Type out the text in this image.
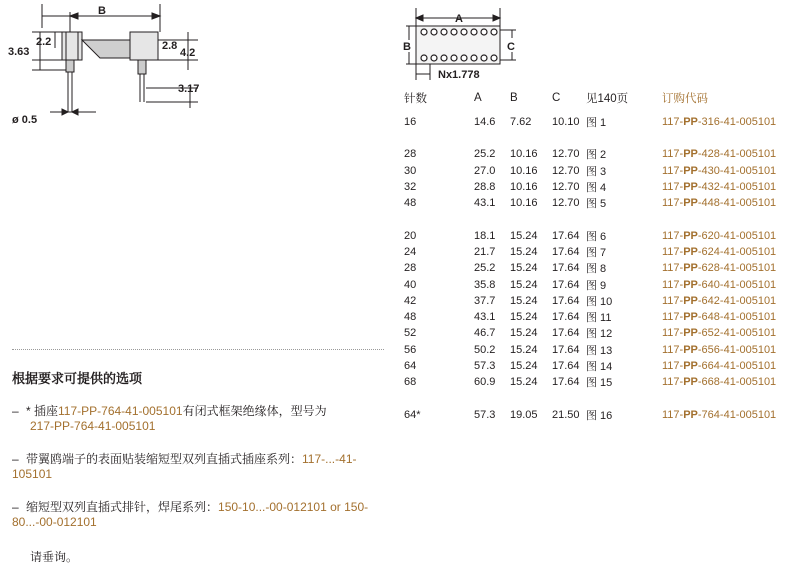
B
2.2
3.63	2.8
4.2
3.17
ø 0.5
A
B	C
Nx1.778
针数	A	B	C	见140页	订购代码

16	14.6	7.62	10.10	图 1	117-PP-316-41-005101

28	25.2	10.16	12.70	图 2	117-PP-428-41-005101
30	27.0	10.16	12.70	图 3	117-PP-430-41-005101
32	28.8	10.16	12.70	图 4	117-PP-432-41-005101
48	43.1	10.16	12.70	图 5	117-PP-448-41-005101

20	18.1	15.24	17.64	图 6	117-PP-620-41-005101
24	21.7	15.24	17.64	图 7	117-PP-624-41-005101
28	25.2	15.24	17.64	图 8	117-PP-628-41-005101
40	35.8	15.24	17.64	图 9	117-PP-640-41-005101
42	37.7	15.24	17.64	图 10	117-PP-642-41-005101
48	43.1	15.24	17.64	图 11	117-PP-648-41-005101
52	46.7	15.24	17.64	图 12	117-PP-652-41-005101
56	50.2	15.24	17.64	图 13	117-PP-656-41-005101
64	57.3	15.24	17.64	图 14	117-PP-664-41-005101
68	60.9	15.24	17.64	图 15	117-PP-668-41-005101

64*	57.3	19.05	21.50	图 16	117-PP-764-41-005101
根据要求可提供的选项
– * 插座117-PP-764-41-005101有闭式框架绝缘体，型号为
217-PP-764-41-005101
– 带翼鸥端子的表面贴装缩短型双列直插式插座系列：117-...-41-105101
– 缩短型双列直插式排针，焊尾系列：150-10...-00-012101 or 150-80...-00-012101
请垂询。
